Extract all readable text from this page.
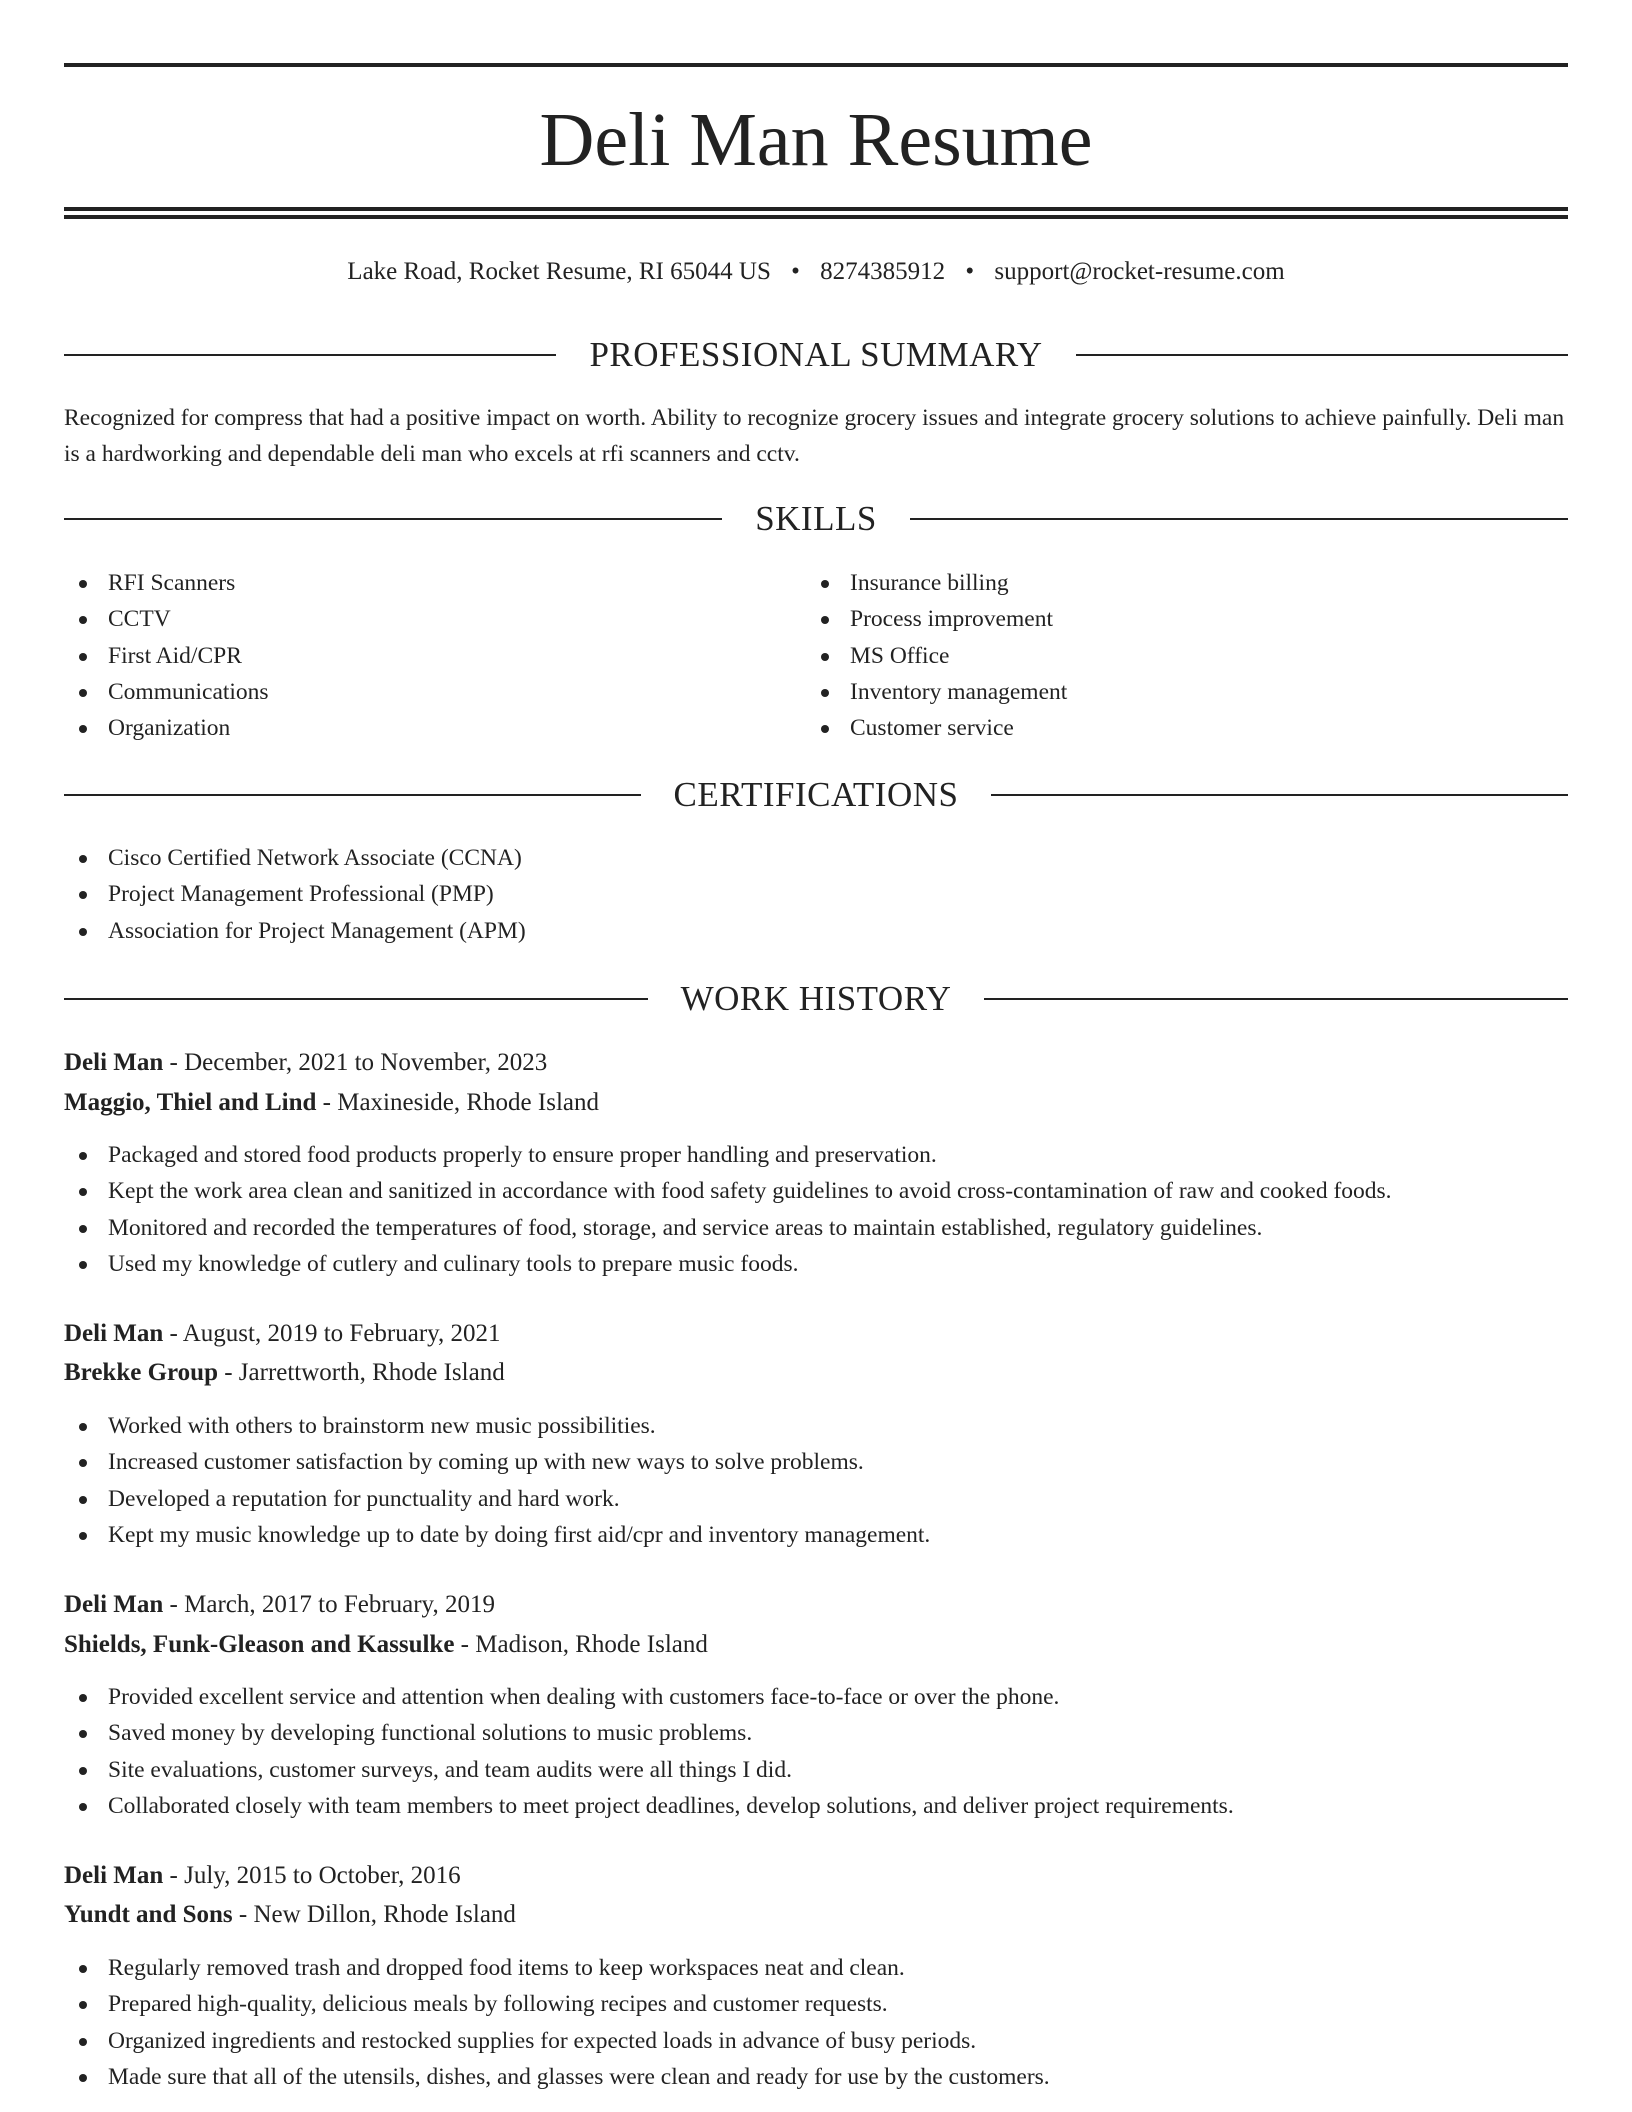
Deli Man Resume
Lake Road, Rocket Resume, RI 65044 US • 8274385912 • support@rocket-resume.com
PROFESSIONAL SUMMARY

Recognized for compress that had a positive impact on worth. Ability to recognize grocery issues and integrate grocery solutions to achieve painfully. Deli man is a hardworking and dependable deli man who excels at rfi scanners and cctv.

SKILLS
RFI Scanners
CCTV
First Aid/CPR
Communications
Organization
Insurance billing
Process improvement
MS Office
Inventory management
Customer service
CERTIFICATIONS
Cisco Certified Network Associate (CCNA)
Project Management Professional (PMP)
Association for Project Management (APM)
WORK HISTORY
Deli Man - December, 2021 to November, 2023
Maggio, Thiel and Lind - Maxineside, Rhode Island
Packaged and stored food products properly to ensure proper handling and preservation.
Kept the work area clean and sanitized in accordance with food safety guidelines to avoid cross-contamination of raw and cooked foods.
Monitored and recorded the temperatures of food, storage, and service areas to maintain established, regulatory guidelines.
Used my knowledge of cutlery and culinary tools to prepare music foods.
Deli Man - August, 2019 to February, 2021
Brekke Group - Jarrettworth, Rhode Island
Worked with others to brainstorm new music possibilities.
Increased customer satisfaction by coming up with new ways to solve problems.
Developed a reputation for punctuality and hard work.
Kept my music knowledge up to date by doing first aid/cpr and inventory management.
Deli Man - March, 2017 to February, 2019
Shields, Funk-Gleason and Kassulke - Madison, Rhode Island
Provided excellent service and attention when dealing with customers face-to-face or over the phone.
Saved money by developing functional solutions to music problems.
Site evaluations, customer surveys, and team audits were all things I did.
Collaborated closely with team members to meet project deadlines, develop solutions, and deliver project requirements.
Deli Man - July, 2015 to October, 2016
Yundt and Sons - New Dillon, Rhode Island
Regularly removed trash and dropped food items to keep workspaces neat and clean.
Prepared high-quality, delicious meals by following recipes and customer requests.
Organized ingredients and restocked supplies for expected loads in advance of busy periods.
Made sure that all of the utensils, dishes, and glasses were clean and ready for use by the customers.
